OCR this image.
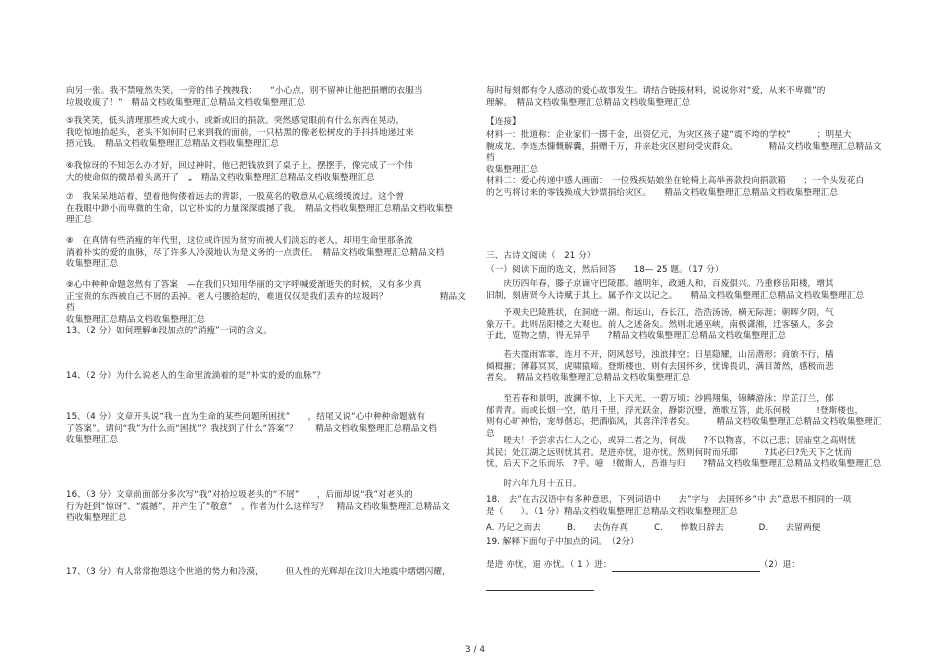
向另一张。我不禁哑然失笑，一旁的伟子拽拽我：　　“小心点，别不留神让他把捐赠的衣服当
垃圾收废了！”　精品文档收集整理汇总精品文档收集整理汇总
⑤我笑笑，低头清理那些或大或小、或新或旧的捐款。突然感觉眼前有什么东西在晃动，
我吃惊地抬起头，老头不知何时已来到我的面前，一只枯黑的像老松树皮的手抖抖地递过来
捂元钱。　精品文档收集整理汇总精品文档收集整理汇总
⑥我惊讶的不知怎么办才好，回过神时，他已把钱放到了桌子上，摆摆手，像完成了一个伟
大的使命似的微昂着头离开了　„　精品文档收集整理汇总精品文档收集整理汇总
⑦　我呆呆地站着，望着他佝偻着远去的背影，一股莫名的敬意从心底缓缓流过。这个曾
在我眼中渺小而卑微的生命，以它朴实的力量深深震撼了我。　精品文档收集整理汇总精品文档收集整
理汇总
⑧　在真情有些消瘦的年代里，这位或许因为贫穷而被人们淡忘的老人，却用生命里那条流
淌着朴实的爱的血脉，尽了许多人冷漠地认为是义务的一点责任。　精品文档收集整理汇总精品文档
收集整理汇总
⑨心中种种命题忽然有了答案　—在我们只知用华丽的文字呼喊爱渐逝失的时候，又有多少真
正宝贵的东西被自己不屑的丢掉。老人弓腰拾起的，难道仅仅是我们丢弃的垃圾吗？　　　　　　精品文档
收集整理汇总精品文档收集整理汇总
13、（2 分）如何理解⑧段加点的“消瘦”一词的含义。
14、（2 分）为什么说老人的生命里流淌着的是“朴实的爱的血脉”？
15、（4 分）文章开头说“我一直为生命的某些问题所困扰”　　，结尾又说“心中种种命题就有
了答案”。请问“我”为什么而“困扰”？我找到了什么“答案”？　　精品文档收集整理汇总精品文档
收集整理汇总
16、（3 分）文章前面部分多次写“我”对拾垃圾老头的“不屑”　　，后面却说“我”对老头的
行为赶到“惊讶”、“震撼”，并产生了“敬意”　。作者为什么这样写？　精品文档收集整理汇总精品文
档收集整理汇总
17、（3 分）有人常常抱怨这个世道的势力和冷漠，　　　但人性的光辉却在汶川大地震中熠熠闪耀，
每时每刻都有令人感动的爱心故事发生。请结合链接材料，说说你对“爱，从来不卑微”的
理解。　精品文档收集整理汇总精品文档收集整理汇总
【连接】
材料一：批道称：企业家们一掷千金，出资亿元，为灾区孩子建“震不垮的学校”　　　；明星大
腕成龙、李连杰慷慨解囊，捐赠千万，并亲赴灾区慰问受灾群众。　　　　精品文档收集整理汇总精品文档
收集整理汇总
材料二：爱心传递中感人画面：　一位残疾姑娘坐在轮椅上高举善款投向捐款箱　　；一个头发花白
的乞丐将讨来的零钱换成大钞票捐给灾区。　　精品文档收集整理汇总精品文档收集整理汇总
三、古诗文阅读（　21 分）
（一）阅读下面的选文，然后回答　　18— 25 题。（17 分）
　　庆历四年春，滕子京谪守巴陵郡。越明年，政通人和，百废俱兴。乃重修岳阳楼，增其
旧制，刻唐贤今人诗赋于其上。属予作文以记之。　　精品文档收集整理汇总精品文档收集整理汇总
　　予观夫巴陵胜状，在洞庭一湖。衔远山，吞长江，浩浩汤汤，横无际涯；朝晖夕阴，气
象万千。此则岳阳楼之大观也。前人之述备矣。然则北通巫峡，南极潇湘，迁客骚人，多会
于此，览物之情，得无异乎　　?精品文档收集整理汇总精品文档收集整理汇总
　　若夫霪雨霏霏，连月不开，阴风怒号，浊浪排空；日星隐耀，山岳潜形；商旅不行，樯
倾楫摧；薄暮冥冥，虎啸猿啼。登斯楼也，则有去国怀乡，忧谗畏讥，满目萧然，感极而悲
者矣。　精品文档收集整理汇总精品文档收集整理汇总
　　至若春和景明，波澜不惊，上下天光，一碧万顷；沙鸥翔集，锦鳞游泳；岸芷汀兰，郁
郁青青。而或长烟一空，皓月千里，浮光跃金，静影沉璧，渔歌互答，此乐何极　　　!登斯楼也，
则有心旷神怡，宠辱偕忘，把酒临风，其喜洋洋者矣。　　　精品文档收集整理汇总精品文档收集整理汇总
　　嗟夫！予尝求古仁人之心，或异二者之为，何哉　　?不以物喜，不以己悲；居庙堂之高则忧
其民；处江湖之远则忧其君。是进亦忧，退亦忧。然则何时而乐耶　　　?其必曰?先天下之忧而
忧，后天下之乐而乐　?乎。噫　!微斯人，吾谁与归　　?精品文档收集整理汇总精品文档收集整理汇总
　　时六年九月十五日。
18.　去”在古汉语中有多种意思，下列词语中　　去”字与　去国怀乡”中 去”意思不相同的一项
是（　　）。（1 分）精品文档收集整理汇总精品文档收集整理汇总
A. 乃记之而去　　　B.　　去伪存真　　　C.　　悴数日辞去　　　　D.　　去留两便
19. 解释下面句子中加点的词。　（2分）
是进 亦忧，退 亦忧。（ 1 ）进：	（2）退：
3 / 4
